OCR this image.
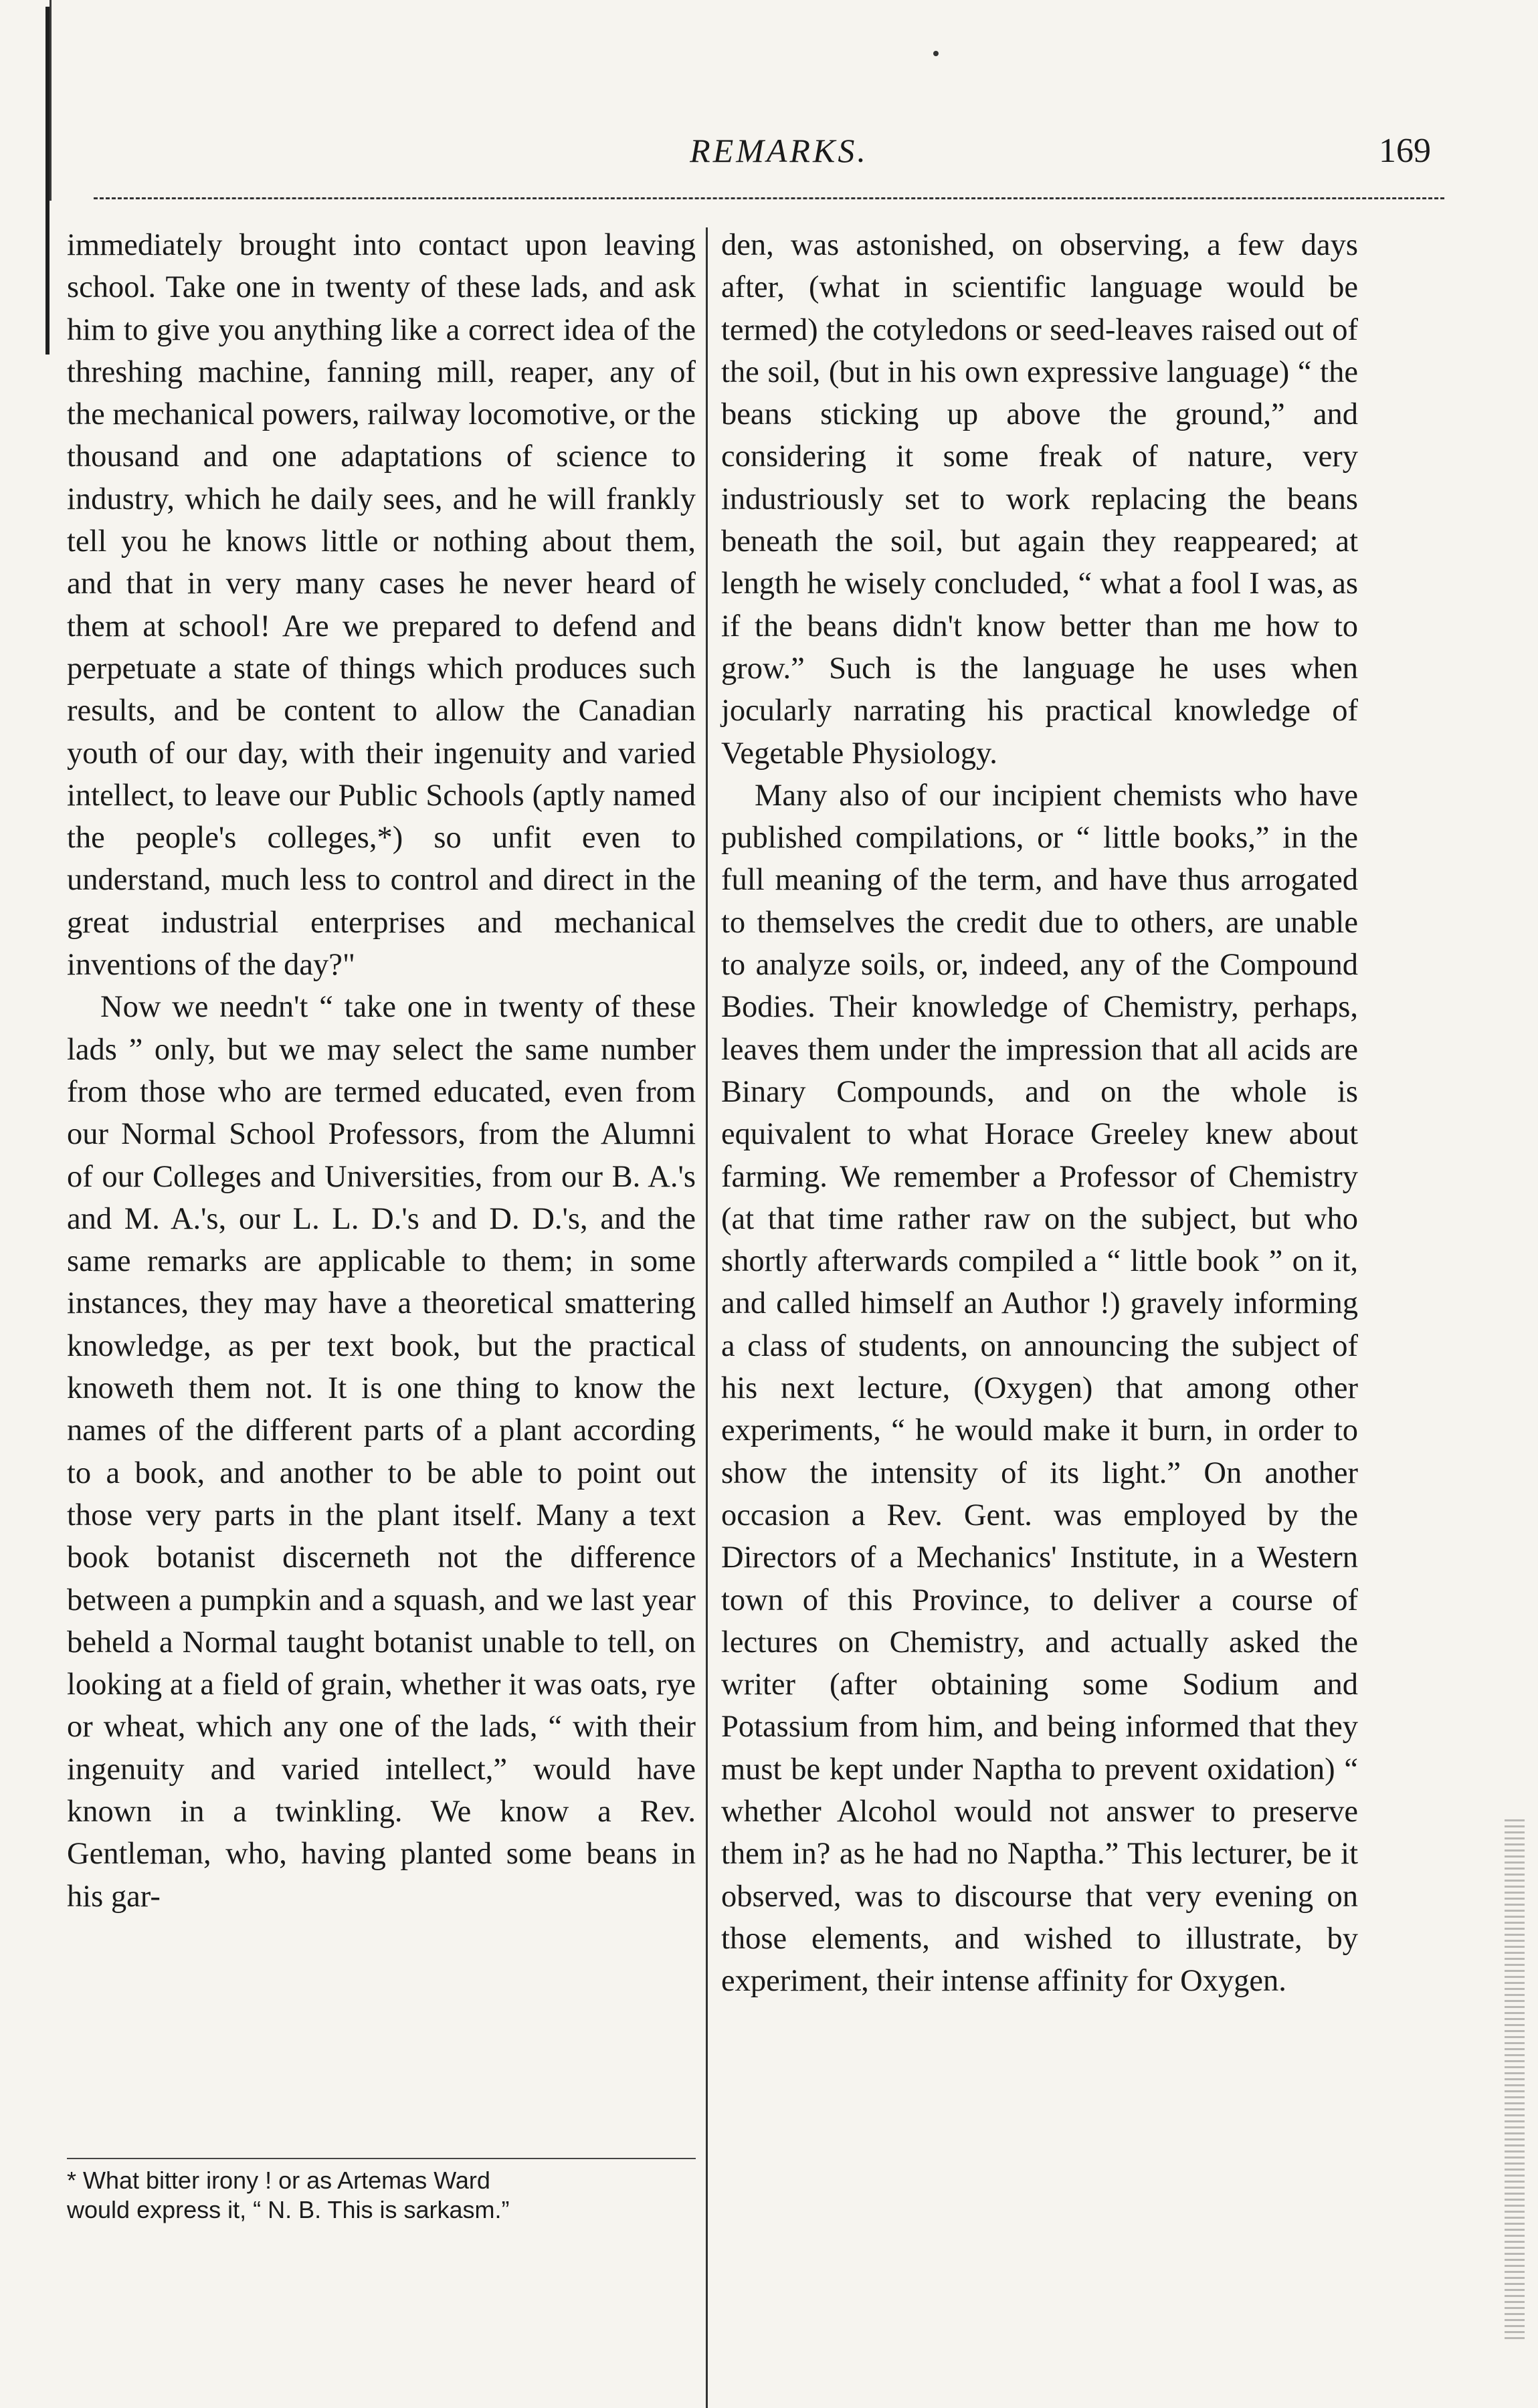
REMARKS.	169

immediately brought into contact upon leaving school. Take one in twenty of these lads, and ask him to give you anything like a correct idea of the threshing machine, fanning mill, reaper, any of the mechanical powers, railway locomotive, or the thousand and one adaptations of science to industry, which he daily sees, and he will frankly tell you he knows little or nothing about them, and that in very many cases he never heard of them at school! Are we prepared to defend and perpetuate a state of things which produces such results, and be content to allow the Canadian youth of our day, with their ingenuity and varied intellect, to leave our Public Schools (aptly named the people's colleges,*) so unfit even to understand, much less to control and direct in the great industrial enterprises and mechanical inventions of the day?"

Now we needn't “ take one in twenty of these lads ” only, but we may select the same number from those who are termed educated, even from our Normal School Professors, from the Alumni of our Colleges and Universities, from our B. A.'s and M. A.'s, our L. L. D.'s and D. D.'s, and the same remarks are applicable to them; in some instances, they may have a theoretical smattering knowledge, as per text book, but the practical knoweth them not. It is one thing to know the names of the different parts of a plant according to a book, and another to be able to point out those very parts in the plant itself. Many a text book botanist discerneth not the difference between a pumpkin and a squash, and we last year beheld a Normal taught botanist unable to tell, on looking at a field of grain, whether it was oats, rye or wheat, which any one of the lads, “ with their ingenuity and varied intellect,” would have known in a twinkling. We know a Rev. Gentleman, who, having planted some beans in his gar-

den, was astonished, on observing, a few days after, (what in scientific language would be termed) the cotyledons or seed-leaves raised out of the soil, (but in his own expressive language) “ the beans sticking up above the ground,” and considering it some freak of nature, very industriously set to work replacing the beans beneath the soil, but again they reappeared; at length he wisely concluded, “ what a fool I was, as if the beans didn't know better than me how to grow.” Such is the language he uses when jocularly narrating his practical knowledge of Vegetable Physiology.

Many also of our incipient chemists who have published compilations, or “ little books,” in the full meaning of the term, and have thus arrogated to themselves the credit due to others, are unable to analyze soils, or, indeed, any of the Compound Bodies. Their knowledge of Chemistry, perhaps, leaves them under the impression that all acids are Binary Compounds, and on the whole is equivalent to what Horace Greeley knew about farming. We remember a Professor of Chemistry (at that time rather raw on the subject, but who shortly afterwards compiled a “ little book ” on it, and called himself an Author !) gravely informing a class of students, on announcing the subject of his next lecture, (Oxygen) that among other experiments, “ he would make it burn, in order to show the intensity of its light.” On another occasion a Rev. Gent. was employed by the Directors of a Mechanics' Institute, in a Western town of this Province, to deliver a course of lectures on Chemistry, and actually asked the writer (after obtaining some Sodium and Potassium from him, and being informed that they must be kept under Naptha to prevent oxidation) “ whether Alcohol would not answer to preserve them in? as he had no Naptha.” This lecturer, be it observed, was to discourse that very evening on those elements, and wished to illustrate, by experiment, their intense affinity for Oxygen.

* What bitter irony ! or as Artemas Ward
would express it, “ N. B. This is sarkasm.”
